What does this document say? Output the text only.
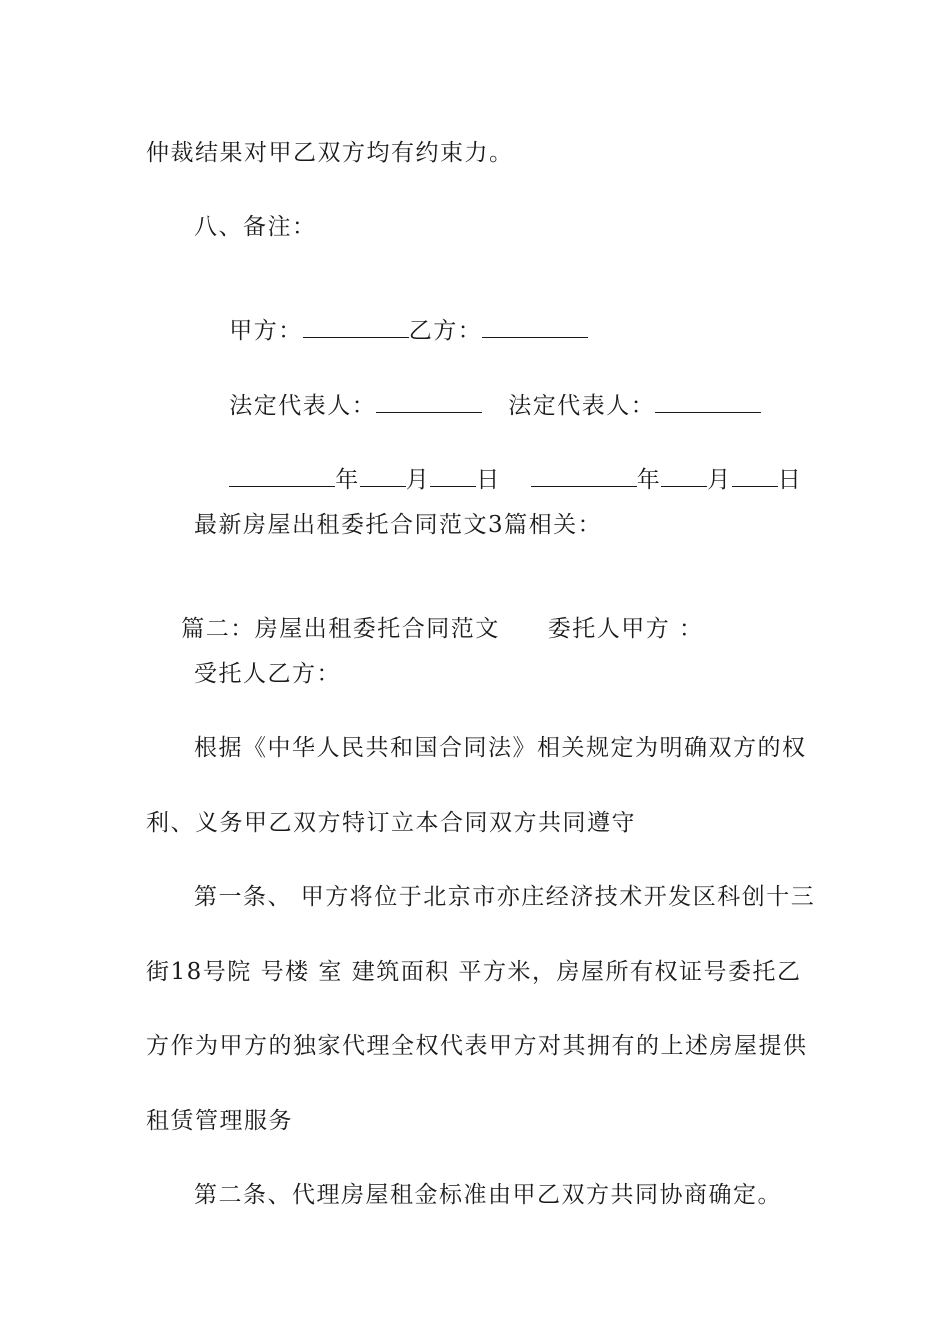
仲裁结果对甲乙双方均有约束力。
八、备注：

甲方：	乙方：

法定代表人：	法定代表人：

年 月 日	年 月 日

最新房屋出租委托合同范文3篇相关：

篇二：房屋出租委托合同范文 委托人甲方 ：

受托人乙方：
根据《中华人民共和国合同法》相关规定为明确双方的权
利、义务甲乙双方特订立本合同双方共同遵守
第一条、 甲方将位于北京市亦庄经济技术开发区科创十三
街18号院 号楼 室 建筑面积 平方米，房屋所有权证号委托乙
方作为甲方的独家代理全权代表甲方对其拥有的上述房屋提供
租赁管理服务
第二条、代理房屋租金标准由甲乙双方共同协商确定。
